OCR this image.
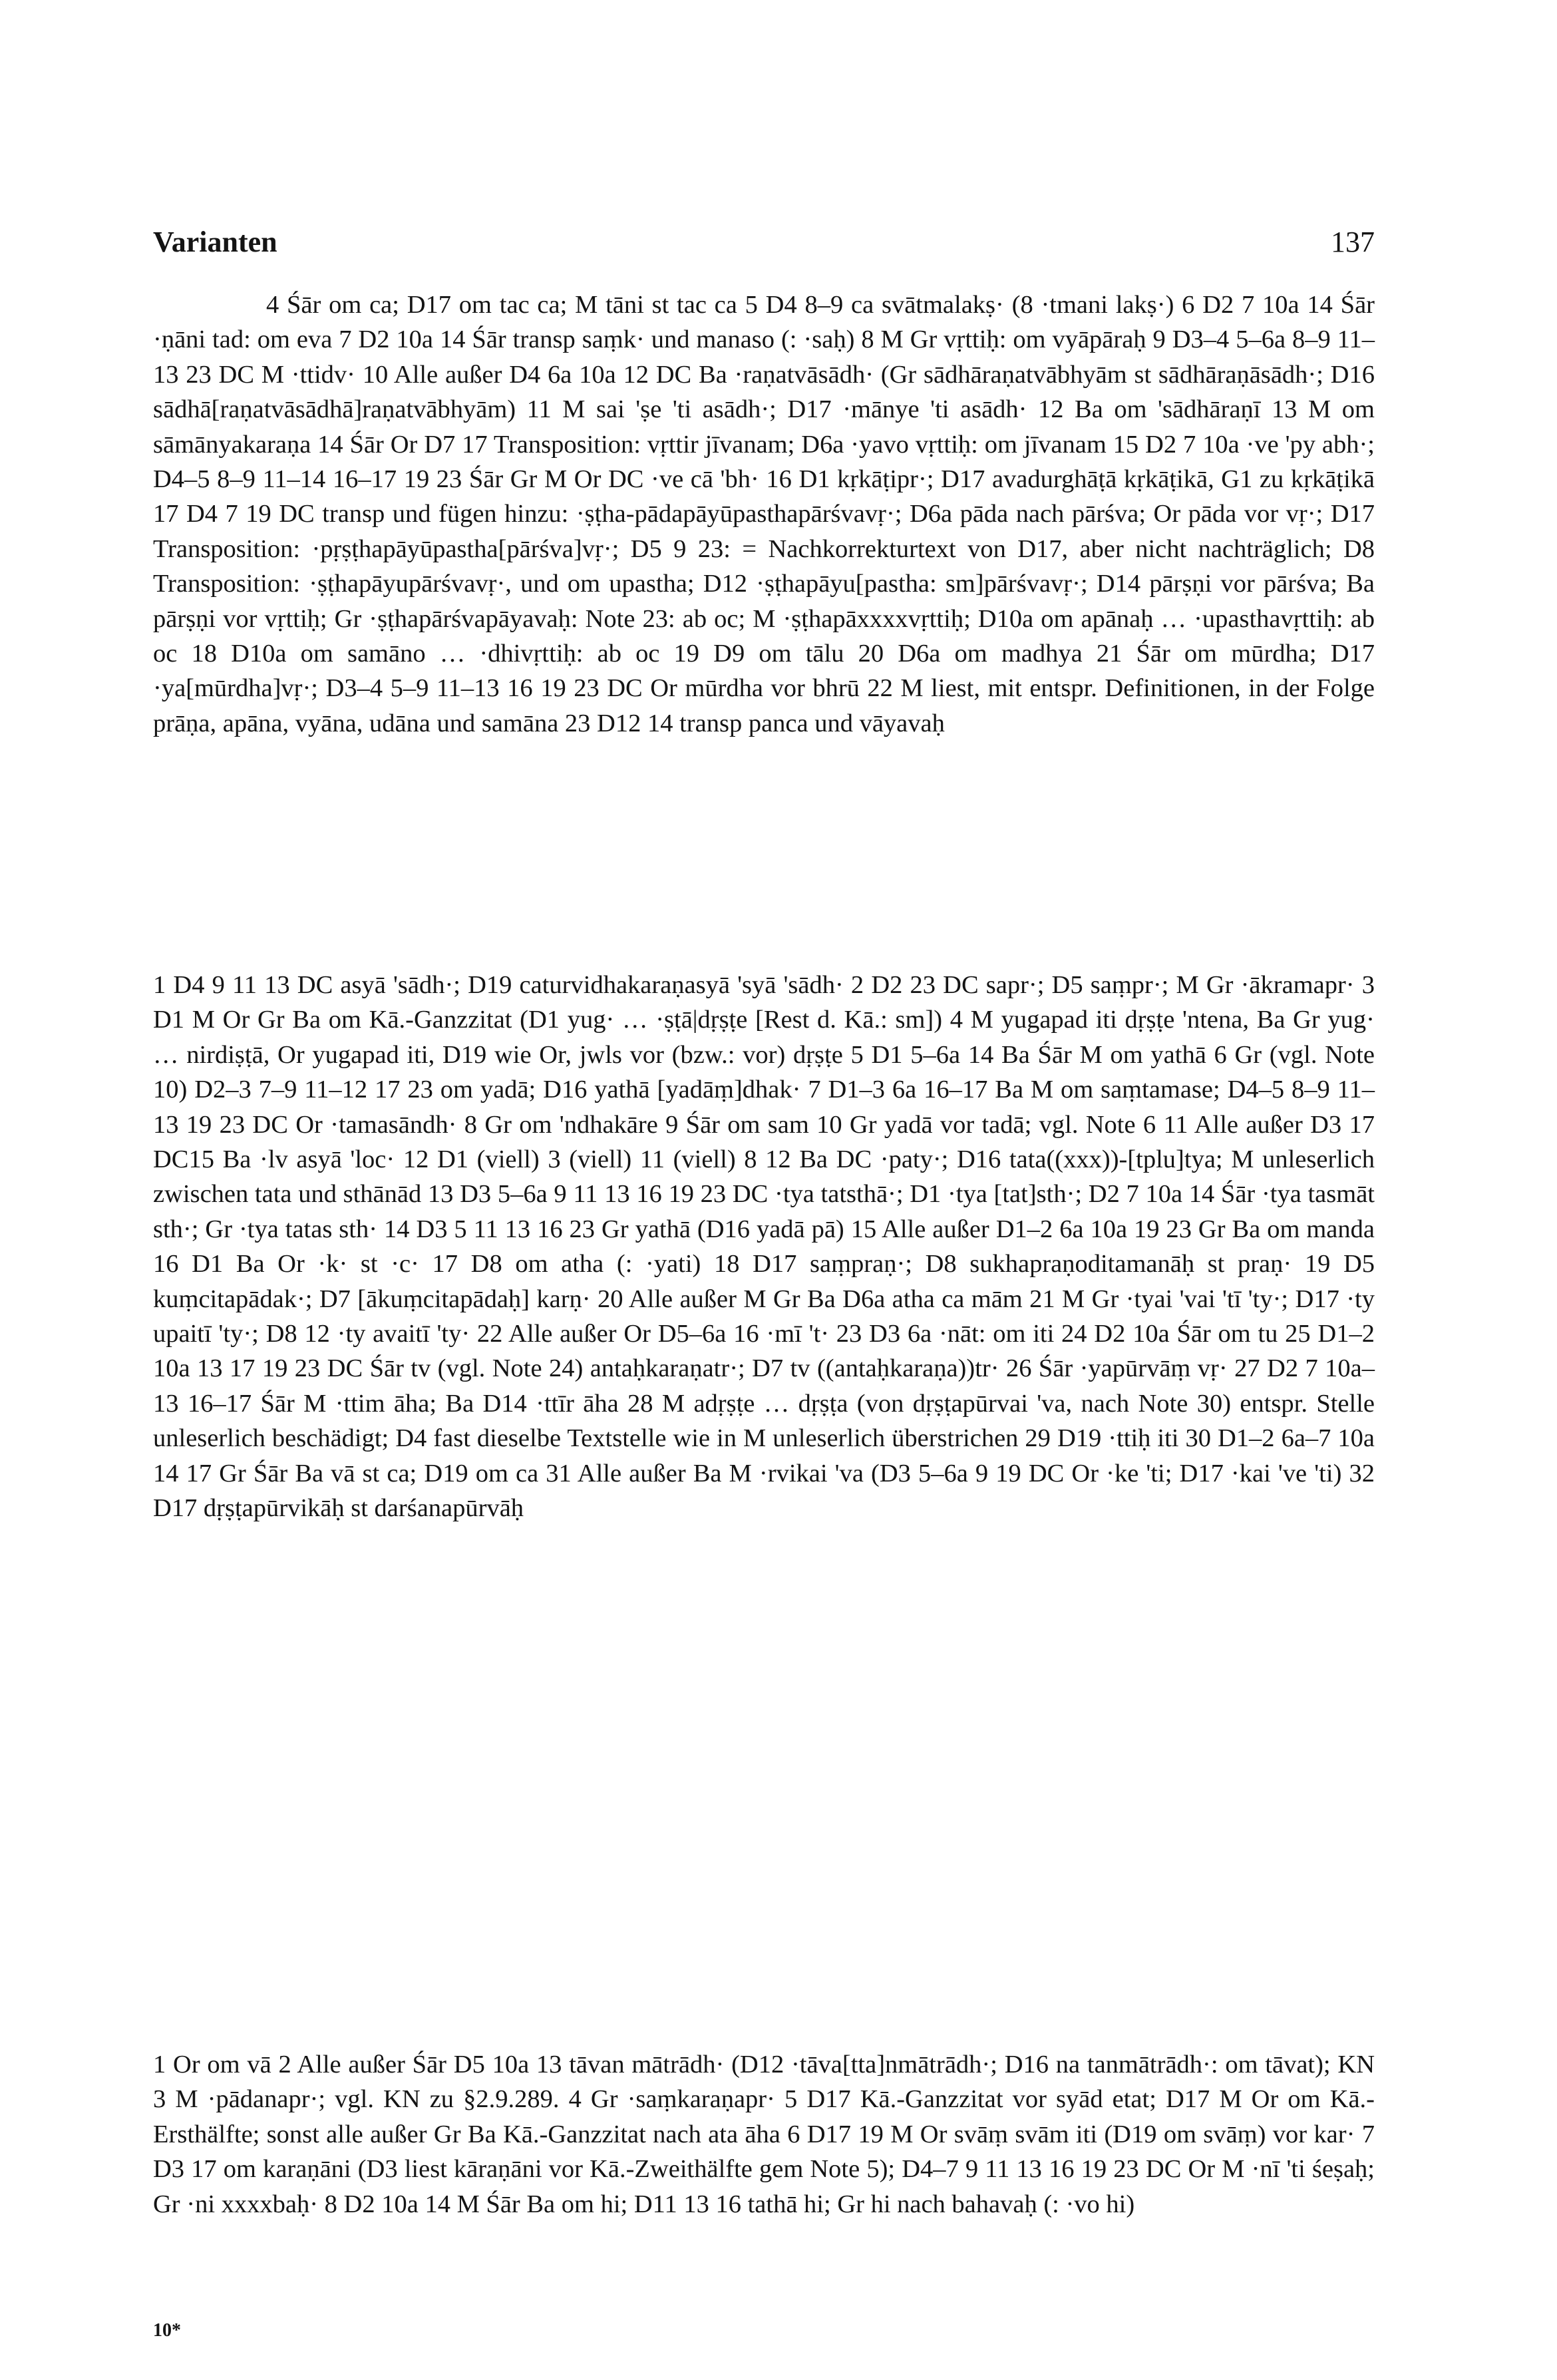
Varianten	137

4 Śār om ca; D17 om tac ca; M tāni st tac ca 5 D4 8–9 ca svātmalakṣ· (8 ·tmani lakṣ·) 6 D2 7 10a 14 Śār ·ṇāni tad: om eva 7 D2 10a 14 Śār transp saṃk· und manaso (: ·saḥ) 8 M Gr vṛttiḥ: om vyāpāraḥ 9 D3–4 5–6a 8–9 11–13 23 DC M ·ttidv· 10 Alle außer D4 6a 10a 12 DC Ba ·raṇatvāsādh· (Gr sādhāraṇatvābhyām st sādhāraṇāsādh·; D16 sādhā[raṇatvāsādhā]raṇatvābhyām) 11 M sai 'ṣe 'ti asādh·; D17 ·mānye 'ti asādh· 12 Ba om 'sādhāraṇī 13 M om sāmānyakaraṇa 14 Śār Or D7 17 Transposition: vṛttir jīvanam; D6a ·yavo vṛttiḥ: om jīvanam 15 D2 7 10a ·ve 'py abh·; D4–5 8–9 11–14 16–17 19 23 Śār Gr M Or DC ·ve cā 'bh· 16 D1 kṛkāṭipr·; D17 avadurghāṭā kṛkāṭikā, G1 zu kṛkāṭikā 17 D4 7 19 DC transp und fügen hinzu: ·ṣṭha-pādapāyūpasthapārśvavṛ·; D6a pāda nach pārśva; Or pāda vor vṛ·; D17 Transposition: ·pṛṣṭhapāyūpastha[pārśva]vṛ·; D5 9 23: = Nachkorrekturtext von D17, aber nicht nachträglich; D8 Transposition: ·ṣṭhapāyupārśvavṛ·, und om upastha; D12 ·ṣṭhapāyu[pastha: sm]pārśvavṛ·; D14 pārṣṇi vor pārśva; Ba pārṣṇi vor vṛttiḥ; Gr ·ṣṭhapārśvapāyavaḥ: Note 23: ab oc; M ·ṣṭhapāxxxxvṛttiḥ; D10a om apānaḥ … ·upasthavṛttiḥ: ab oc 18 D10a om samāno … ·dhivṛttiḥ: ab oc 19 D9 om tālu 20 D6a om madhya 21 Śār om mūrdha; D17 ·ya[mūrdha]vṛ·; D3–4 5–9 11–13 16 19 23 DC Or mūrdha vor bhrū 22 M liest, mit entspr. Definitionen, in der Folge prāṇa, apāna, vyāna, udāna und samāna 23 D12 14 transp panca und vāyavaḥ

1 D4 9 11 13 DC asyā 'sādh·; D19 caturvidhakaraṇasyā 'syā 'sādh· 2 D2 23 DC sapr·; D5 saṃpr·; M Gr ·ākramapr· 3 D1 M Or Gr Ba om Kā.-Ganzzitat (D1 yug· … ·ṣṭā|dṛṣṭe [Rest d. Kā.: sm]) 4 M yugapad iti dṛṣṭe 'ntena, Ba Gr yug· … nirdiṣṭā, Or yugapad iti, D19 wie Or, jwls vor (bzw.: vor) dṛṣṭe 5 D1 5–6a 14 Ba Śār M om yathā 6 Gr (vgl. Note 10) D2–3 7–9 11–12 17 23 om yadā; D16 yathā [yadāṃ]dhak· 7 D1–3 6a 16–17 Ba M om saṃtamase; D4–5 8–9 11–13 19 23 DC Or ·tamasāndh· 8 Gr om 'ndhakāre 9 Śār om sam 10 Gr yadā vor tadā; vgl. Note 6 11 Alle außer D3 17 DC15 Ba ·lv asyā 'loc· 12 D1 (viell) 3 (viell) 11 (viell) 8 12 Ba DC ·paty·; D16 tata((xxx))-[tplu]tya; M unleserlich zwischen tata und sthānād 13 D3 5–6a 9 11 13 16 19 23 DC ·tya tatsthā·; D1 ·tya [tat]sth·; D2 7 10a 14 Śār ·tya tasmāt sth·; Gr ·tya tatas sth· 14 D3 5 11 13 16 23 Gr yathā (D16 yadā pā) 15 Alle außer D1–2 6a 10a 19 23 Gr Ba om manda 16 D1 Ba Or ·k· st ·c· 17 D8 om atha (: ·yati) 18 D17 saṃpraṇ·; D8 sukhapraṇoditamanāḥ st praṇ· 19 D5 kuṃcitapādak·; D7 [ākuṃcitapādaḥ] karṇ· 20 Alle außer M Gr Ba D6a atha ca mām 21 M Gr ·tyai 'vai 'tī 'ty·; D17 ·ty upaitī 'ty·; D8 12 ·ty avaitī 'ty· 22 Alle außer Or D5–6a 16 ·mī 't· 23 D3 6a ·nāt: om iti 24 D2 10a Śār om tu 25 D1–2 10a 13 17 19 23 DC Śār tv (vgl. Note 24) antaḥkaraṇatr·; D7 tv ((antaḥkaraṇa))tr· 26 Śār ·yapūrvāṃ vṛ· 27 D2 7 10a–13 16–17 Śār M ·ttim āha; Ba D14 ·ttīr āha 28 M adṛṣṭe … dṛṣṭa (von dṛṣṭapūrvai 'va, nach Note 30) entspr. Stelle unleserlich beschädigt; D4 fast dieselbe Textstelle wie in M unleserlich überstrichen 29 D19 ·ttiḥ iti 30 D1–2 6a–7 10a 14 17 Gr Śār Ba vā st ca; D19 om ca 31 Alle außer Ba M ·rvikai 'va (D3 5–6a 9 19 DC Or ·ke 'ti; D17 ·kai 've 'ti) 32 D17 dṛṣṭapūrvikāḥ st darśanapūrvāḥ

1 Or om vā 2 Alle außer Śār D5 10a 13 tāvan mātrādh· (D12 ·tāva[tta]nmātrādh·; D16 na tanmātrādh·: om tāvat); KN 3 M ·pādanapr·; vgl. KN zu §2.9.289. 4 Gr ·saṃkaraṇapr· 5 D17 Kā.-Ganzzitat vor syād etat; D17 M Or om Kā.-Ersthälfte; sonst alle außer Gr Ba Kā.-Ganzzitat nach ata āha 6 D17 19 M Or svāṃ svām iti (D19 om svāṃ) vor kar· 7 D3 17 om karaṇāni (D3 liest kāraṇāni vor Kā.-Zweithälfte gem Note 5); D4–7 9 11 13 16 19 23 DC Or M ·nī 'ti śeṣaḥ; Gr ·ni xxxxbaḥ· 8 D2 10a 14 M Śār Ba om hi; D11 13 16 tathā hi; Gr hi nach bahavaḥ (: ·vo hi)

10*
